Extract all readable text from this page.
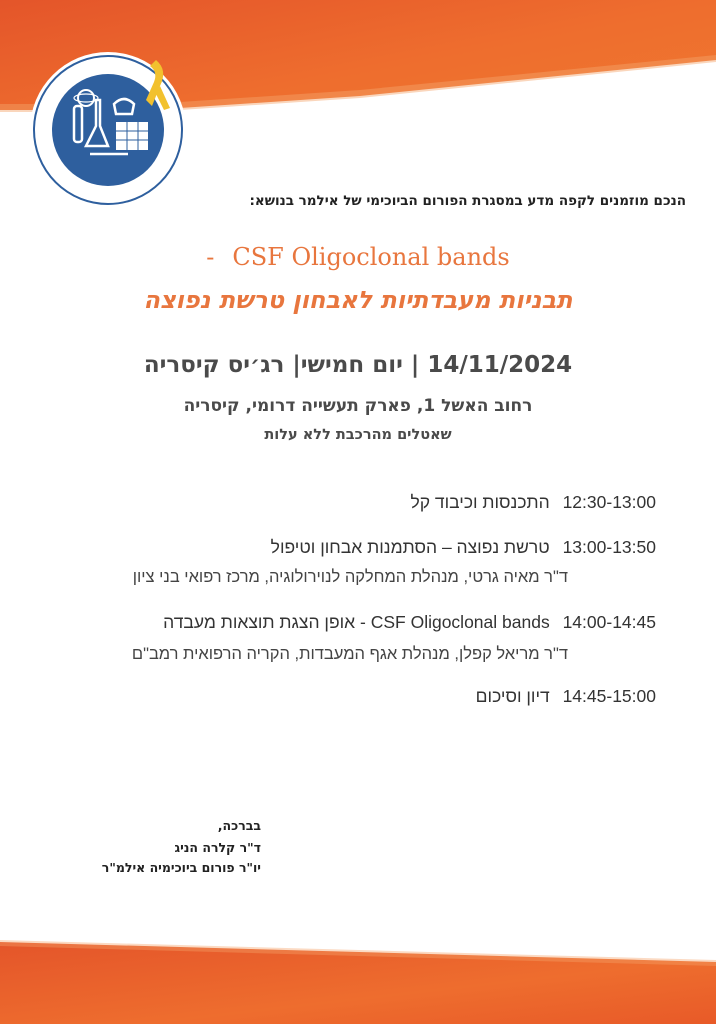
הנכם מוזמנים לקפה מדע במסגרת הפורום הביוכימי של אילמר בנושא:
- CSF Oligoclonal bands
תבניות מעבדתיות לאבחון טרשת נפוצה
14/11/2024 | יום חמישי| רג׳יס קיסריה
רחוב האשל 1, פארק תעשייה דרומי, קיסריה
שאטלים מהרכבת ללא עלות
12:30-13:00 התכנסות וכיבוד קל
13:00-13:50 טרשת נפוצה – הסתמנות אבחון וטיפול
ד"ר מאיה גרטי, מנהלת המחלקה לנוירולוגיה, מרכז רפואי בני ציון
14:00-14:45 CSF Oligoclonal bands - אופן הצגת תוצאות מעבדה
ד"ר מריאל קפלן, מנהלת אגף המעבדות, הקריה הרפואית רמב"ם
14:45-15:00 דיון וסיכום
בברכה,
ד"ר קלרה הניג
יו"ר פורום ביוכימיה אילמ"ר
